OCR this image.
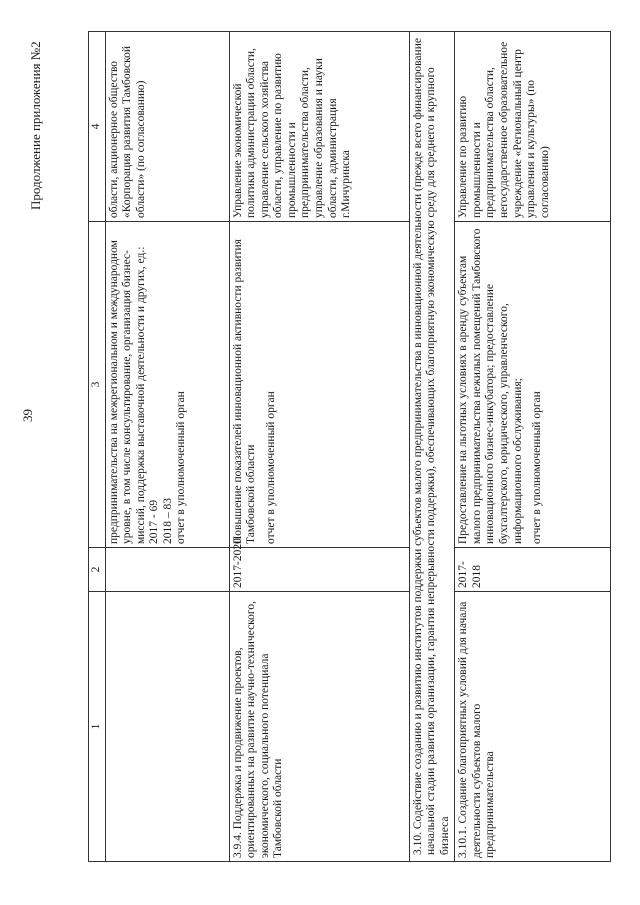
39
Продолжение приложения №2
1	2	3	4

		предпринимательства на межрегиональном и международном уровне, в том числе консультирование, организация бизнес-миссий, поддержка выставочной деятельности и других, ед.: 2017 - 69 2018 – 83 отчет в уполномоченный орган	области, акционерное общество «Корпорация развития Тамбовской области» (по согласованию)
3.9.4. Поддержка и продвижение проектов, ориентированных на развитие научно-технического, экономического, социального потенциала Тамбовской области	2017-2020	Повышение показателей инновационной активности развития Тамбовской области отчет в уполномоченный орган	Управление экономической политики администрации области, управление сельского хозяйства области, управление по развитию промышленности и предпринимательства области, управление образования и науки области, администрация г.Мичуринска
3.10. Содействие созданию и развитию институтов поддержки субъектов малого предпринимательства в инновационной деятельности (прежде всего финансирование начальной стадии развития организации, гарантия непрерывности поддержки), обеспечивающих благоприятную экономическую среду для среднего и крупного бизнеса			
3.10.1. Создание благоприятных условий для начала деятельности субъектов малого предпринимательства	2017-2018	Предоставление на льготных условиях в аренду субъектам малого предпринимательства нежилых помещений Тамбовского инновационного бизнес-инкубатора; предоставление бухгалтерского, юридического, управленческого, информационного обслуживания; отчет в уполномоченный орган	Управление по развитию промышленности и предпринимательства области, негосударственное образовательное учреждение «Региональный центр управления и культуры» (по согласованию)
